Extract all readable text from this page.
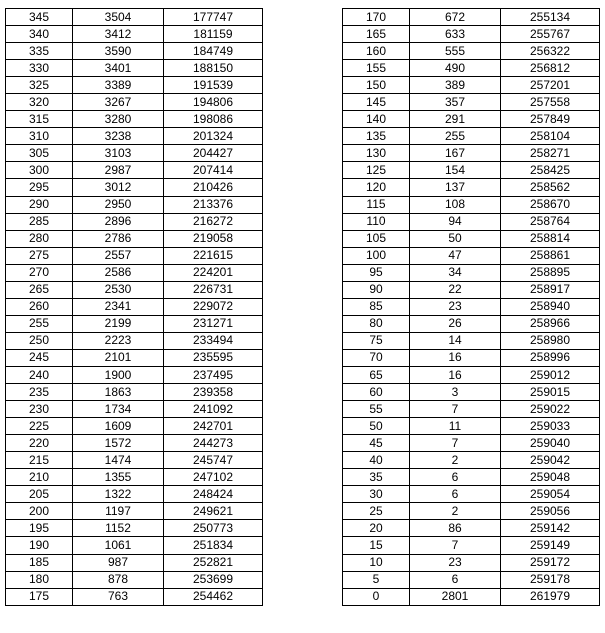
345	3504	177747
340	3412	181159
335	3590	184749
330	3401	188150
325	3389	191539
320	3267	194806
315	3280	198086
310	3238	201324
305	3103	204427
300	2987	207414
295	3012	210426
290	2950	213376
285	2896	216272
280	2786	219058
275	2557	221615
270	2586	224201
265	2530	226731
260	2341	229072
255	2199	231271
250	2223	233494
245	2101	235595
240	1900	237495
235	1863	239358
230	1734	241092
225	1609	242701
220	1572	244273
215	1474	245747
210	1355	247102
205	1322	248424
200	1197	249621
195	1152	250773
190	1061	251834
185	987	252821
180	878	253699
175	763	254462
170	672	255134
165	633	255767
160	555	256322
155	490	256812
150	389	257201
145	357	257558
140	291	257849
135	255	258104
130	167	258271
125	154	258425
120	137	258562
115	108	258670
110	94	258764
105	50	258814
100	47	258861
95	34	258895
90	22	258917
85	23	258940
80	26	258966
75	14	258980
70	16	258996
65	16	259012
60	3	259015
55	7	259022
50	11	259033
45	7	259040
40	2	259042
35	6	259048
30	6	259054
25	2	259056
20	86	259142
15	7	259149
10	23	259172
5	6	259178
0	2801	261979
